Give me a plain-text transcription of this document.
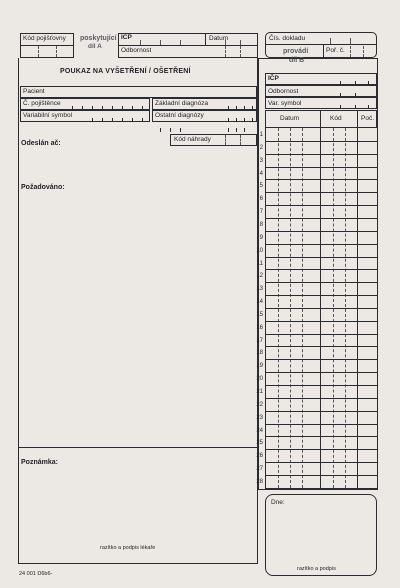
Kód pojišťovny poskytující
díl A
IČP	Datum
Odbornost
Čís. dokladu
provádí
díl B
Poř. č.
POUKAZ NA VYŠETŘENÍ / OŠETŘENÍ
Pacient
Č. pojištěnce
Variabilní symbol
Základní diagnóza
Ostatní diagnózy
Kód náhrady
Odeslán ač:
Požadováno:
Poznámka:
razítko a podpis lékaře
24 001 D6b6-
IČP
Odbornost
Var. symbol
Datum	Kód	Poč.
1
2
3
4
5
6
7
8
9
10
11
12
13
14
15
16
17
18
19
20
21
22
23
24
25
26
27
28
Dne:
razítko a podpis
